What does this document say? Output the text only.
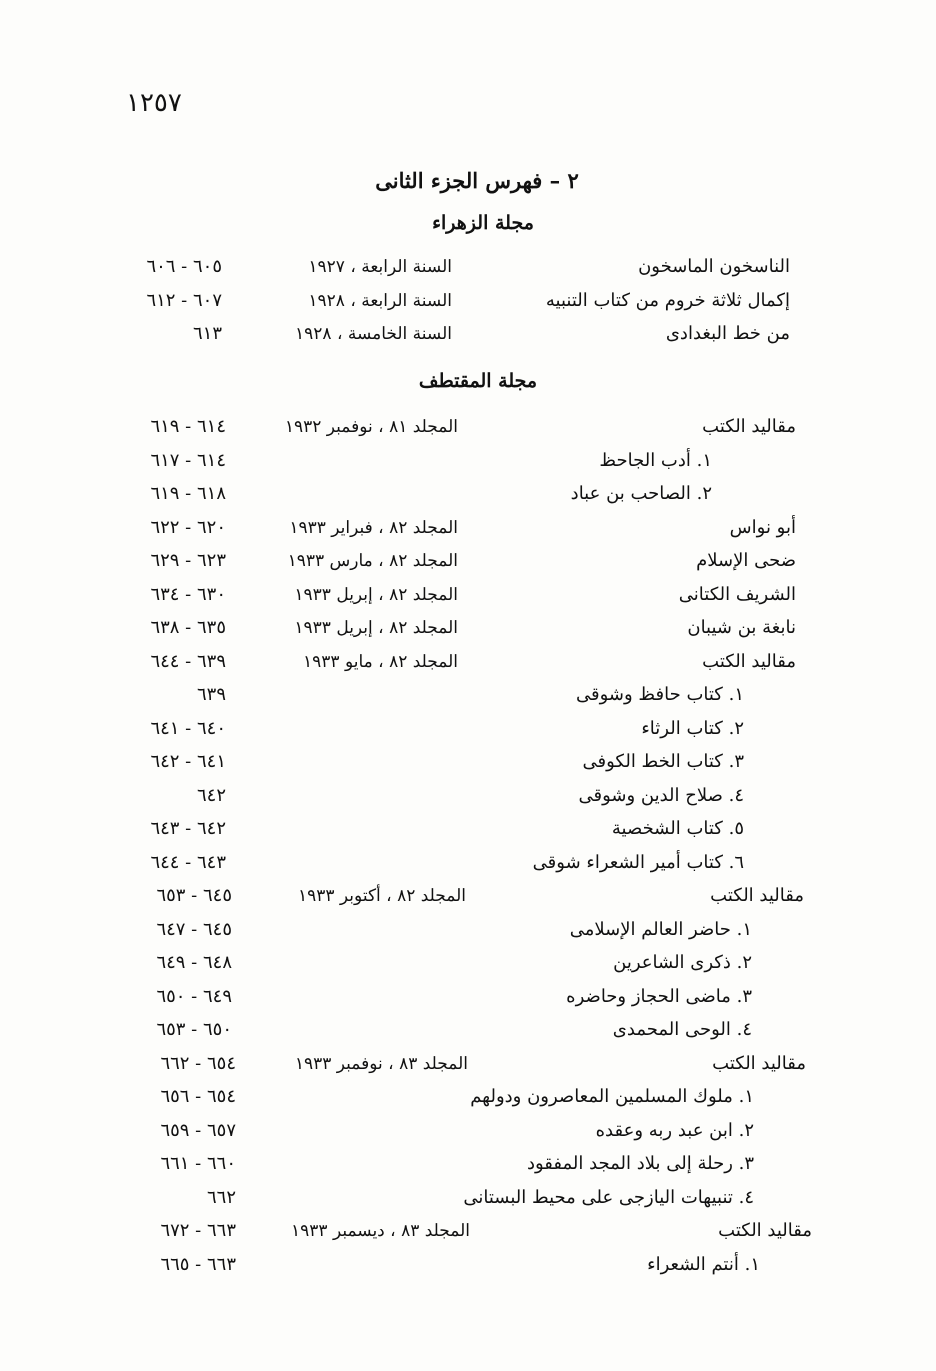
١٢٥٧
٢ – فهرس الجزء الثانى
مجلة الزهراء
الناسخون الماسخون
السنة الرابعة ، ١٩٢٧
٦٠٥ - ٦٠٦
إكمال ثلاثة خروم من كتاب التنبيه
السنة الرابعة ، ١٩٢٨
٦٠٧ - ٦١٢
من خط البغدادى
السنة الخامسة ، ١٩٢٨
٦١٣
مجلة المقتطف
مقاليد الكتب
المجلد ٨١ ، نوفمبر ١٩٣٢
٦١٤ - ٦١٩
١. أدب الجاحظ
٦١٤ - ٦١٧
٢. الصاحب بن عباد
٦١٨ - ٦١٩
أبو نواس
المجلد ٨٢ ، فبراير ١٩٣٣
٦٢٠ - ٦٢٢
ضحى الإسلام
المجلد ٨٢ ، مارس ١٩٣٣
٦٢٣ - ٦٢٩
الشريف الكتانى
المجلد ٨٢ ، إبريل ١٩٣٣
٦٣٠ - ٦٣٤
نابغة بن شيبان
المجلد ٨٢ ، إبريل ١٩٣٣
٦٣٥ - ٦٣٨
مقاليد الكتب
المجلد ٨٢ ، مايو ١٩٣٣
٦٣٩ - ٦٤٤
١. كتاب حافظ وشوقى
٦٣٩
٢. كتاب الرثاء
٦٤٠ - ٦٤١
٣. كتاب الخط الكوفى
٦٤١ - ٦٤٢
٤. صلاح الدين وشوقى
٦٤٢
٥. كتاب الشخصية
٦٤٢ - ٦٤٣
٦. كتاب أمير الشعراء شوقى
٦٤٣ - ٦٤٤
مقاليد الكتب
المجلد ٨٢ ، أكتوبر ١٩٣٣
٦٤٥ - ٦٥٣
١. حاضر العالم الإسلامى
٦٤٥ - ٦٤٧
٢. ذكرى الشاعرين
٦٤٨ - ٦٤٩
٣. ماضى الحجاز وحاضره
٦٤٩ - ٦٥٠
٤. الوحى المحمدى
٦٥٠ - ٦٥٣
مقاليد الكتب
المجلد ٨٣ ، نوفمبر ١٩٣٣
٦٥٤ - ٦٦٢
١. ملوك المسلمين المعاصرون ودولهم
٦٥٤ - ٦٥٦
٢. ابن عبد ربه وعقده
٦٥٧ - ٦٥٩
٣. رحلة إلى بلاد المجد المفقود
٦٦٠ - ٦٦١
٤. تنبيهات اليازجى على محيط البستانى
٦٦٢
مقاليد الكتب
المجلد ٨٣ ، ديسمبر ١٩٣٣
٦٦٣ - ٦٧٢
١. أنتم الشعراء
٦٦٣ - ٦٦٥
